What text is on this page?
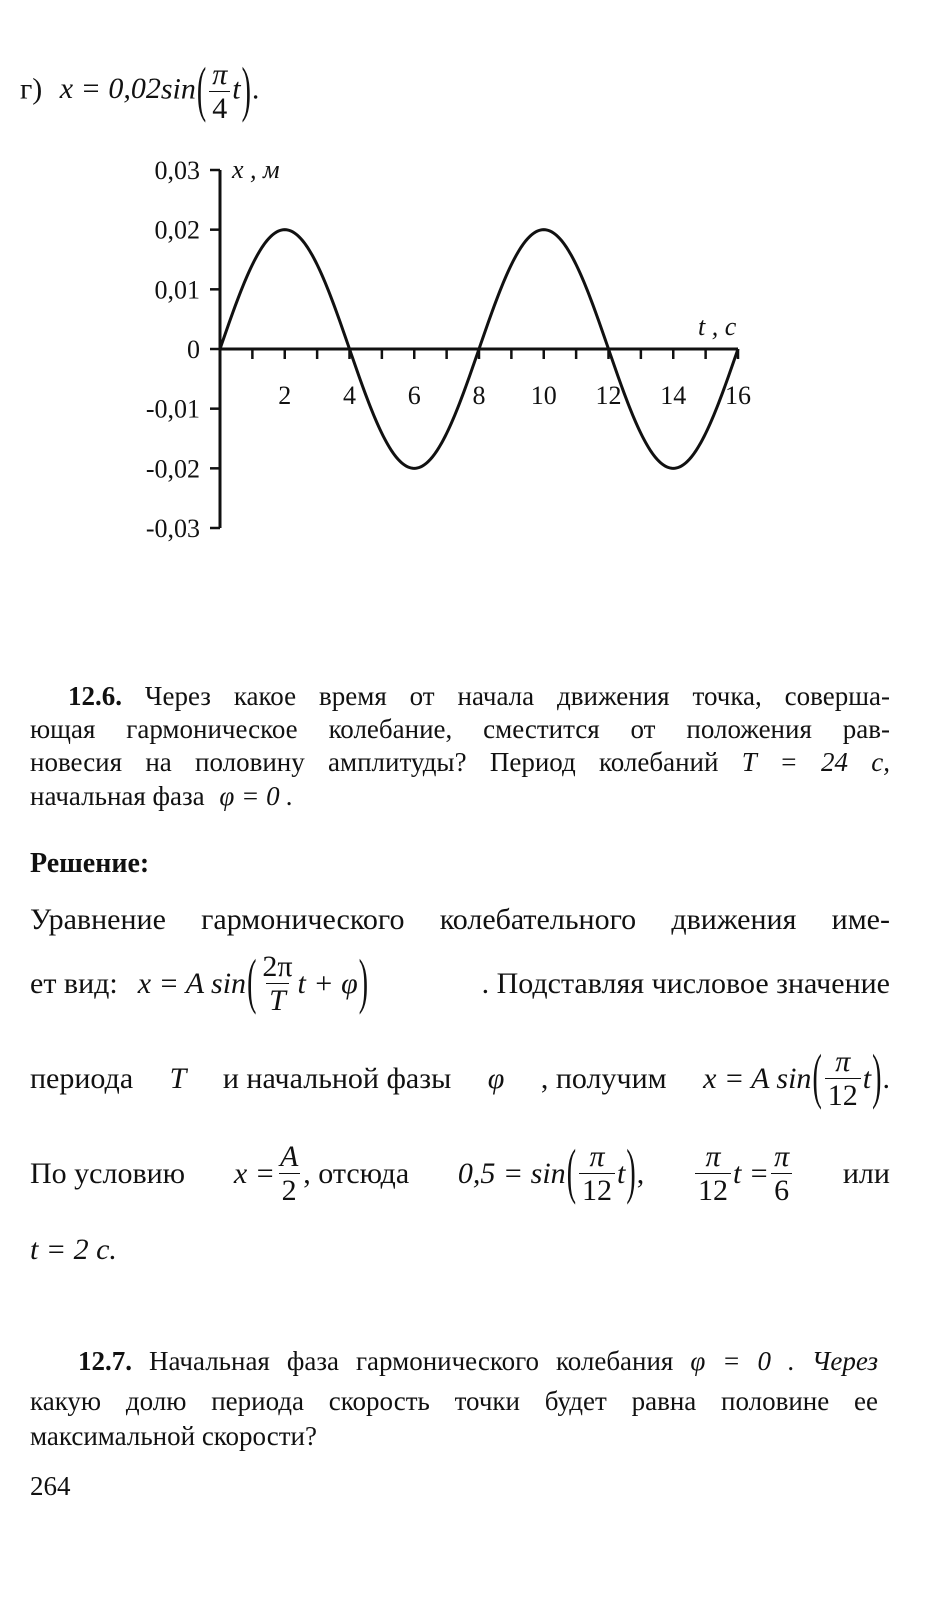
г) $x = 0,02\sin( \frac{\pi}{4} t)$.
0,03
0,02
0,01
0
-0,01
-0,02
-0,03
2 4 6 8 10 12 14 16
x , м
t , c
12.6. Через какое время от начала движения точка, соверша-
ющая гармоническое колебание, сместится от положения рав-
новесия на половину амплитуды? Период колебаний T = 24 c,
начальная фаза φ = 0 .
Решение:
Уравнение гармонического колебательного движения име-
ет вид: x = A sin ( $\frac{2\pi}{T}$ t + φ )	. Подставляя числовое значение
периода T и начальной фазы φ , получим x = A sin ( $\frac{\pi}{12}$ t ) .
По условию $x = \frac{A}{2}$ , отсюда 0,5 = sin ( $\frac{\pi}{12}$ t ) , $\frac{\pi}{12}$ $t = \frac{\pi}{6}$ или
t = 2 c.
12.7. Начальная фаза гармонического колебания φ = 0 . Через
какую долю периода скорость точки будет равна половине ее
максимальной скорости?
264
